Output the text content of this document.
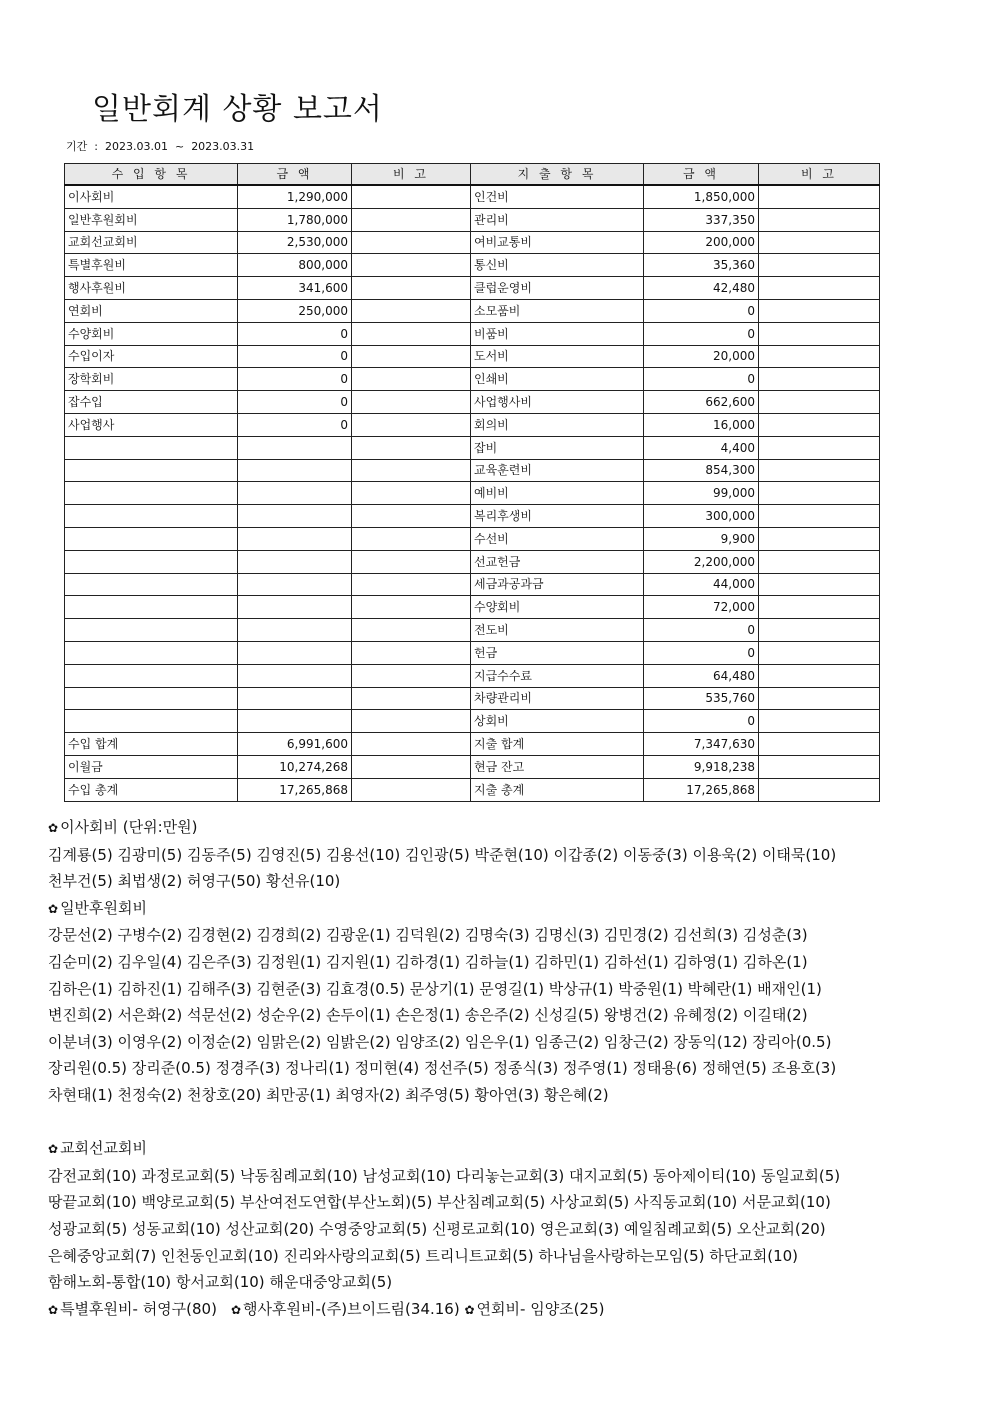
일반회계 상황 보고서
기간 : 2023.03.01 ~ 2023.03.31
수 입 항 목	금 액	비 고	지 출 항 목	금 액	비 고
이사회비	1,290,000		인건비	1,850,000	
일반후원회비	1,780,000		관리비	337,350	
교회선교회비	2,530,000		여비교통비	200,000	
특별후원비	800,000		통신비	35,360	
행사후원비	341,600		클럽운영비	42,480	
연회비	250,000		소모품비	0	
수양회비	0		비품비	0	
수입이자	0		도서비	20,000	
장학회비	0		인쇄비	0	
잡수입	0		사업행사비	662,600	
사업행사	0		회의비	16,000	
			잡비	4,400	
			교육훈련비	854,300	
			예비비	99,000	
			복리후생비	300,000	
			수선비	9,900	
			선교헌금	2,200,000	
			세금과공과금	44,000	
			수양회비	72,000	
			전도비	0	
			헌금	0	
			지급수수료	64,480	
			차량관리비	535,760	
			상회비	0	
수입 합계	6,991,600		지출 합계	7,347,630	
이월금	10,274,268		현금 잔고	9,918,238	
수입 총계	17,265,868		지출 총계	17,265,868	

✿ 이사회비 (단위:만원)

김계룡(5) 김광미(5) 김동주(5) 김영진(5) 김용선(10) 김인광(5) 박준현(10) 이갑종(2) 이동중(3) 이용욱(2) 이태묵(10)

천부건(5) 최법생(2) 허영구(50) 황선유(10)

✿ 일반후원회비

강문선(2) 구병수(2) 김경현(2) 김경희(2) 김광운(1) 김덕원(2) 김명숙(3) 김명신(3) 김민경(2) 김선희(3) 김성춘(3)

김순미(2) 김우일(4) 김은주(3) 김정원(1) 김지원(1) 김하경(1) 김하늘(1) 김하민(1) 김하선(1) 김하영(1) 김하온(1)

김하은(1) 김하진(1) 김해주(3) 김현준(3) 김효경(0.5) 문상기(1) 문영길(1) 박상규(1) 박중원(1) 박혜란(1) 배재인(1)

변진희(2) 서은화(2) 석문선(2) 성순우(2) 손두이(1) 손은정(1) 송은주(2) 신성길(5) 왕병건(2) 유혜정(2) 이길태(2)

이분녀(3) 이영우(2) 이정순(2) 임맑은(2) 임밝은(2) 임양조(2) 임은우(1) 임종근(2) 임창근(2) 장동익(12) 장리아(0.5)

장리원(0.5) 장리준(0.5) 정경주(3) 정나리(1) 정미현(4) 정선주(5) 정종식(3) 정주영(1) 정태용(6) 정해연(5) 조용호(3)

차현태(1) 천정숙(2) 천창호(20) 최만공(1) 최영자(2) 최주영(5) 황아연(3) 황은혜(2)

✿ 교회선교회비

감전교회(10) 과정로교회(5) 낙동침례교회(10) 남성교회(10) 다리놓는교회(3) 대지교회(5) 동아제이티(10) 동일교회(5)

땅끝교회(10) 백양로교회(5) 부산여전도연합(부산노회)(5) 부산침례교회(5) 사상교회(5) 사직동교회(10) 서문교회(10)

성광교회(5) 성동교회(10) 성산교회(20) 수영중앙교회(5) 신평로교회(10) 영은교회(3) 예일침례교회(5) 오산교회(20)

은혜중앙교회(7) 인천동인교회(10) 진리와사랑의교회(5) 트리니트교회(5) 하나님을사랑하는모임(5) 하단교회(10)

함해노회-통합(10) 항서교회(10) 해운대중앙교회(5)

✿ 특별후원비- 허영구(80) ✿ 행사후원비-(주)브이드림(34.16) ✿ 연회비- 임양조(25)
